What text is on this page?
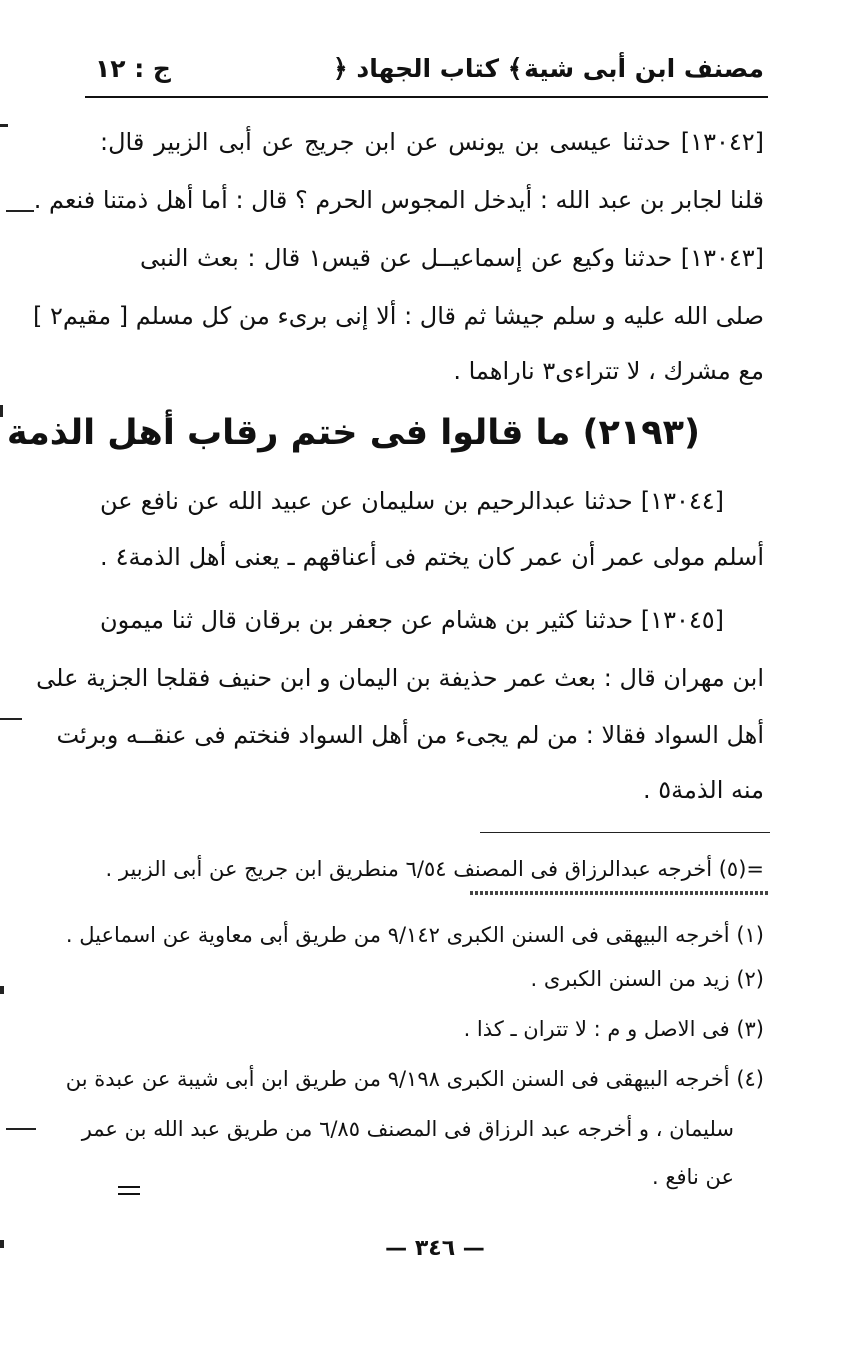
مصنف ابن أبى شية
﴿ كتاب الجهاد ﴾
ج : ١٢
[١٣٠٤٢] حدثنا عيسى بن يونس عن ابن جريج عن أبى الزبير قال:
قلنا لجابر بن عبد الله : أيدخل المجوس الحرم ؟ قال : أما أهل ذمتنا فنعم .
[١٣٠٤٣] حدثنا وكيع عن إسماعيــل عن قيس١ قال : بعث النبى
صلى الله عليه و سلم جيشا ثم قال : ألا إنى برىء من كل مسلم [ مقيم٢ ]
مع مشرك ، لا تتراءى٣ ناراهما .
(٢١٩٣) ما قالوا فى ختم رقاب أهل الذمة
[١٣٠٤٤] حدثنا عبدالرحيم بن سليمان عن عبيد الله عن نافع عن
أسلم مولى عمر أن عمر كان يختم فى أعناقهم ـ يعنى أهل الذمة٤ .
[١٣٠٤٥] حدثنا كثير بن هشام عن جعفر بن برقان قال ثنا ميمون
ابن مهران قال : بعث عمر حذيفة بن اليمان و ابن حنيف فقلجا الجزية على
أهل السواد فقالا : من لم يجىء من أهل السواد فنختم فى عنقــه وبرئت
منه الذمة٥ .
=(٥) أخرجه عبدالرزاق فى المصنف ٦/٥٤ منطريق ابن جريج عن أبى الزبير .
(١) أخرجه البيهقى فى السنن الكبرى ٩/١٤٢ من طريق أبى معاوية عن اسماعيل .
(٢) زيد من السنن الكبرى .
(٣) فى الاصل و م : لا تتران ـ كذا .
(٤) أخرجه البيهقى فى السنن الكبرى ٩/١٩٨ من طريق ابن أبى شيبة عن عبدة بن
سليمان ، و أخرجه عبد الرزاق فى المصنف ٦/٨٥ من طريق عبد الله بن عمر
عن نافع .
— ٣٤٦ —
